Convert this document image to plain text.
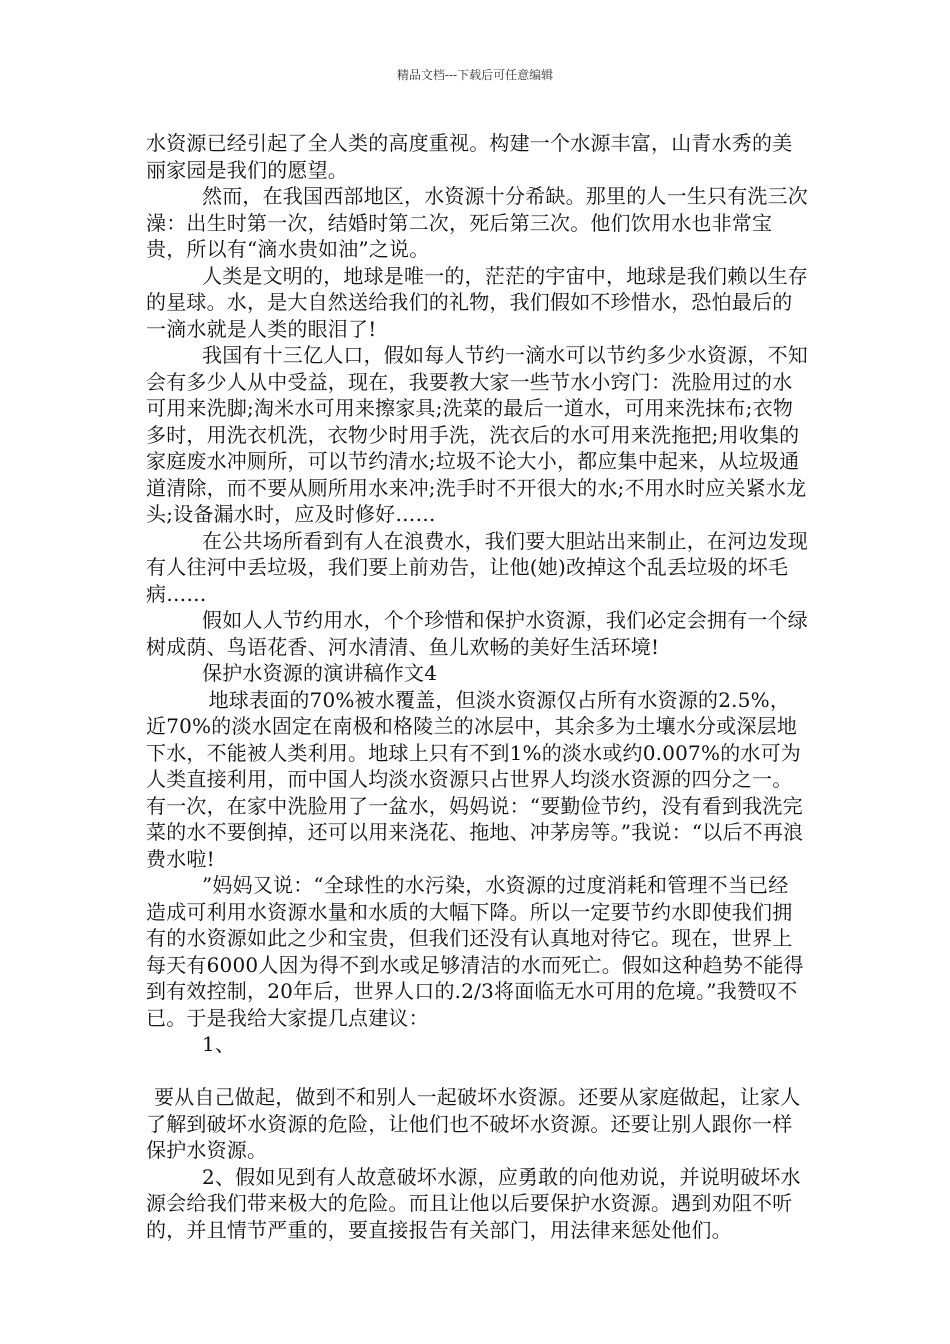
精品文档---下载后可任意编辑

水资源已经引起了全人类的高度重视。构建一个水源丰富，山青水秀的美丽家园是我们的愿望。

然而，在我国西部地区，水资源十分希缺。那里的人一生只有洗三次澡：出生时第一次，结婚时第二次，死后第三次。他们饮用水也非常宝贵，所以有“滴水贵如油”之说。

人类是文明的，地球是唯一的，茫茫的宇宙中，地球是我们赖以生存的星球。水，是大自然送给我们的礼物，我们假如不珍惜水，恐怕最后的一滴水就是人类的眼泪了!

我国有十三亿人口，假如每人节约一滴水可以节约多少水资源，不知会有多少人从中受益，现在，我要教大家一些节水小窍门：洗脸用过的水可用来洗脚;淘米水可用来擦家具;洗菜的最后一道水，可用来洗抹布;衣物多时，用洗衣机洗，衣物少时用手洗，洗衣后的水可用来洗拖把;用收集的家庭废水冲厕所，可以节约清水;垃圾不论大小，都应集中起来，从垃圾通道清除，而不要从厕所用水来冲;洗手时不开很大的水;不用水时应关紧水龙头;设备漏水时，应及时修好……

在公共场所看到有人在浪费水，我们要大胆站出来制止，在河边发现有人往河中丢垃圾，我们要上前劝告，让他(她)改掉这个乱丢垃圾的坏毛病……

假如人人节约用水，个个珍惜和保护水资源，我们必定会拥有一个绿树成荫、鸟语花香、河水清清、鱼儿欢畅的美好生活环境!

保护水资源的演讲稿作文4

地球表面的70%被水覆盖，但淡水资源仅占所有水资源的2.5%，近70%的淡水固定在南极和格陵兰的冰层中，其余多为土壤水分或深层地下水，不能被人类利用。地球上只有不到1%的淡水或约0.007%的水可为人类直接利用，而中国人均淡水资源只占世界人均淡水资源的四分之一。 有一次，在家中洗脸用了一盆水，妈妈说：“要勤俭节约，没有看到我洗完菜的水不要倒掉，还可以用来浇花、拖地、冲茅房等。”我说：“以后不再浪费水啦!

”妈妈又说：“全球性的水污染，水资源的过度消耗和管理不当已经造成可利用水资源水量和水质的大幅下降。所以一定要节约水即使我们拥有的水资源如此之少和宝贵，但我们还没有认真地对待它。现在，世界上每天有6000人因为得不到水或足够清洁的水而死亡。假如这种趋势不能得到有效控制，20年后，世界人口的.2/3将面临无水可用的危境。”我赞叹不已。于是我给大家提几点建议：

1、

要从自己做起，做到不和别人一起破坏水资源。还要从家庭做起，让家人了解到破坏水资源的危险，让他们也不破坏水资源。还要让别人跟你一样保护水资源。

2、假如见到有人故意破坏水源，应勇敢的向他劝说，并说明破坏水源会给我们带来极大的危险。而且让他以后要保护水资源。遇到劝阻不听的，并且情节严重的，要直接报告有关部门，用法律来惩处他们。
